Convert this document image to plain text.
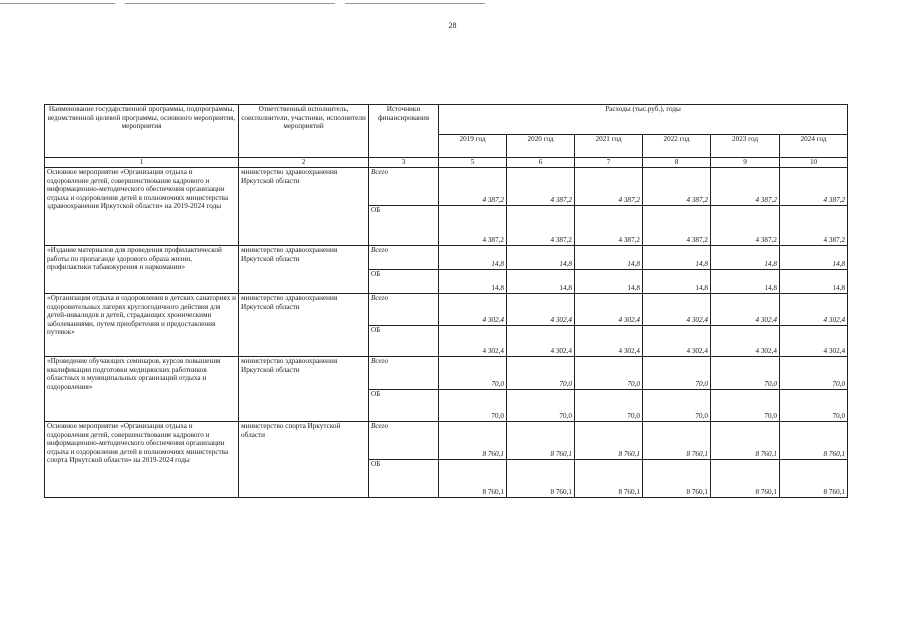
28
Наименование государственной программы, подпрограммы, ведомственной целевой программы, основного мероприятия, мероприятия	Ответственный исполнитель, соисполнители, участники, исполнители мероприятий	Источники финансирования	Расходы (тыс.руб.), годы					
			2019 год	2020 год	2021 год	2022 год	2023 год	2024 год
1	2	3	5	6	7	8	9	10
Основное мероприятие «Организация отдыха и оздоровление детей, совершенствование кадрового и информационно-методического обеспечения организации отдыха и оздоровления детей в полномочиях министерства здравоохранения Иркутской области» на 2019-2024 годы	министерство здравоохранения Иркутской области	Всего	4 387,2	4 387,2	4 387,2	4 387,2	4 387,2	4 387,2
		ОБ	4 387,2	4 387,2	4 387,2	4 387,2	4 387,2	4 387,2
«Издание материалов для проведения профилактической работы по пропаганде здорового образа жизни, профилактики табакокурения и наркомании»	министерство здравоохранения Иркутской области	Всего	14,8	14,8	14,8	14,8	14,8	14,8
		ОБ	14,8	14,8	14,8	14,8	14,8	14,8
«Организация отдыха и оздоровления в детских санаториях и оздоровительных лагерях круглогодичного действия для детей-инвалидов и детей, страдающих хроническими заболеваниями, путем приобретения и предоставления путевок»	министерство здравоохранения Иркутской области	Всего	4 302,4	4 302,4	4 302,4	4 302,4	4 302,4	4 302,4
		ОБ	4 302,4	4 302,4	4 302,4	4 302,4	4 302,4	4 302,4
«Проведение обучающих семинаров, курсов повышения квалификации подготовки медицинских работников областных и муниципальных организаций отдыха и оздоровления»	министерство здравоохранения Иркутской области	Всего	70,0	70,0	70,0	70,0	70,0	70,0
		ОБ	70,0	70,0	70,0	70,0	70,0	70,0
Основное мероприятие «Организация отдыха и оздоровления детей, совершенствование кадрового и информационно-методического обеспечения организации отдыха и оздоровления детей в полномочиях министерства спорта Иркутской области» на 2019-2024 годы	министерство спорта Иркутской области	Всего	8 760,1	8 760,1	8 760,1	8 760,1	8 760,1	8 760,1
		ОБ	8 760,1	8 760,1	8 760,1	8 760,1	8 760,1	8 760,1
